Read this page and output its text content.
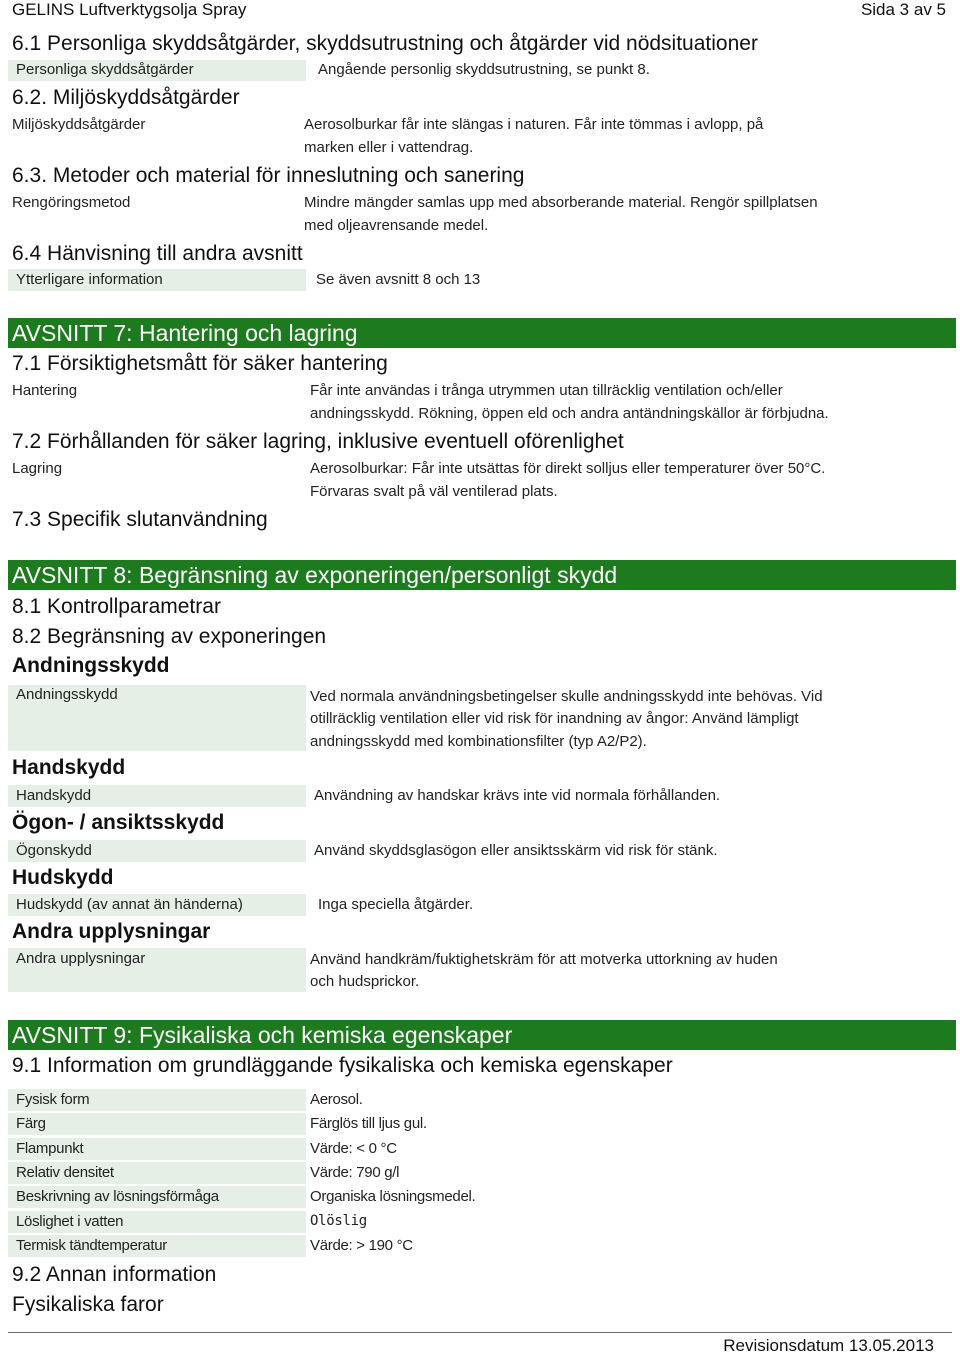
GELINS Luftverktygsolja Spray	Sida 3 av 5
6.1 Personliga skyddsåtgärder, skyddsutrustning och åtgärder vid nödsituationer
Personliga skyddsåtgärder	Angående personlig skyddsutrustning, se punkt 8.
6.2. Miljöskyddsåtgärder
Miljöskyddsåtgärder	Aerosolburkar får inte slängas i naturen. Får inte tömmas i avlopp, på
marken eller i vattendrag.
6.3. Metoder och material för inneslutning och sanering
Rengöringsmetod	Mindre mängder samlas upp med absorberande material. Rengör spillplatsen
med oljeavrensande medel.
6.4 Hänvisning till andra avsnitt
Ytterligare information	Se även avsnitt 8 och 13
AVSNITT 7: Hantering och lagring
7.1 Försiktighetsmått för säker hantering
Hantering	Får inte användas i trånga utrymmen utan tillräcklig ventilation och/eller
andningsskydd. Rökning, öppen eld och andra antändningskällor är förbjudna.
7.2 Förhållanden för säker lagring, inklusive eventuell oförenlighet
Lagring	Aerosolburkar: Får inte utsättas för direkt solljus eller temperaturer över 50°C.
Förvaras svalt på väl ventilerad plats.
7.3 Specifik slutanvändning
AVSNITT 8: Begränsning av exponeringen/personligt skydd
8.1 Kontrollparametrar
8.2 Begränsning av exponeringen
Andningsskydd
Andningsskydd	Ved normala användningsbetingelser skulle andningsskydd inte behövas. Vid
otillräcklig ventilation eller vid risk för inandning av ångor: Använd lämpligt
andningsskydd med kombinationsfilter (typ A2/P2).
Handskydd
Handskydd	Användning av handskar krävs inte vid normala förhållanden.
Ögon- / ansiktsskydd
Ögonskydd	Använd skyddsglasögon eller ansiktsskärm vid risk för stänk.
Hudskydd
Hudskydd (av annat än händerna)	Inga speciella åtgärder.
Andra upplysningar
Andra upplysningar	Använd handkräm/fuktighetskräm för att motverka uttorkning av huden
och hudsprickor.
AVSNITT 9: Fysikaliska och kemiska egenskaper
9.1 Information om grundläggande fysikaliska och kemiska egenskaper
Fysisk form	Aerosol.
Färg	Färglös till ljus gul.
Flampunkt	Värde: < 0 °C
Relativ densitet	Värde: 790 g/l
Beskrivning av lösningsförmåga	Organiska lösningsmedel.
Löslighet i vatten	Olöslig
Termisk tändtemperatur	Värde: > 190 °C
9.2 Annan information
Fysikaliska faror
Revisionsdatum 13.05.2013
